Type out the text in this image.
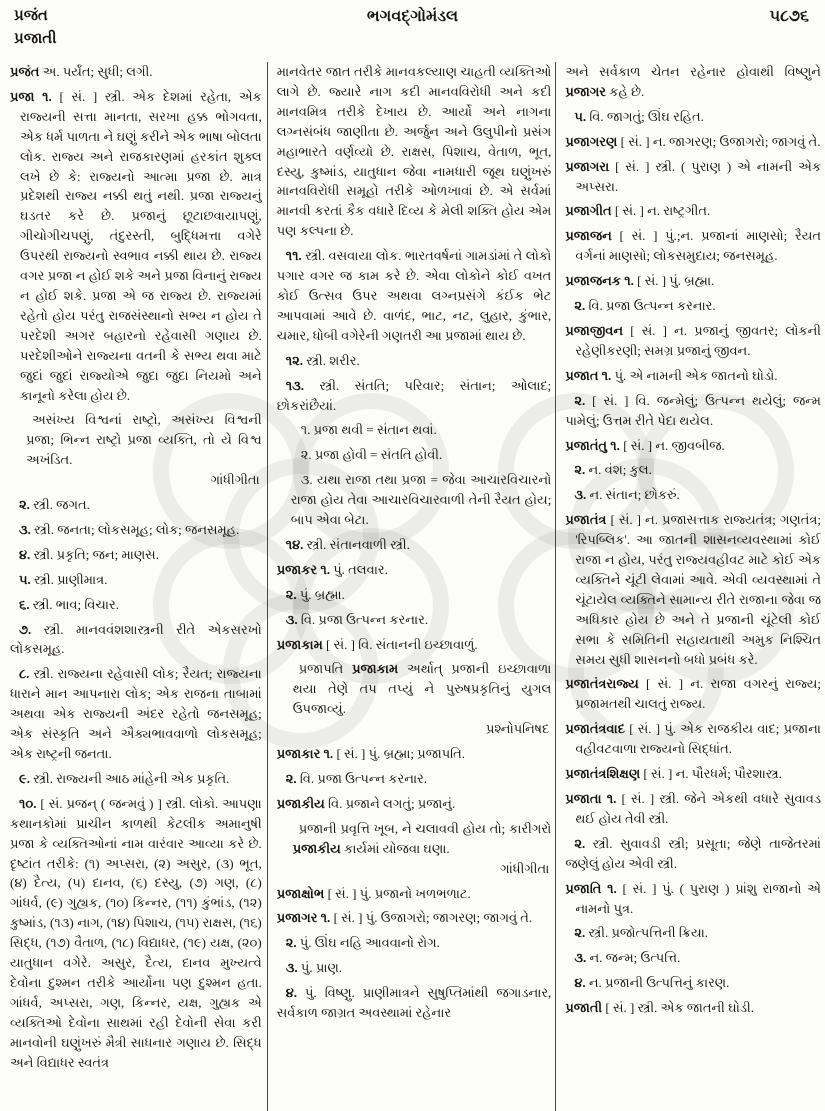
પ્રજંત
પ્રજાતી
ભગવદ્ગોમંડલ	૫૮૭૬

પ્રજંત અ. પર્યંત; સુધી; લગી.

પ્રજા ૧. [ સં. ] સ્ત્રી. એક દેશમાં રહેતા, એક રાજ્યની સત્તા માનતા, સરખા હક્ક ભોગવતા, એક ધર્મ પાળતા ને ઘણું કરીને એક ભાષા બોલતા લોક. રાજ્ય અને રાજકારણમાં હરકાંત શુક્લ લખે છે કે: રાજ્યનો આત્મા પ્રજા છે. માત્ર પ્રદેશથી રાજ્ય નક્કી થતું નથી. પ્રજા રાજ્યનું ઘડતર કરે છે. પ્રજાનું છૂટાછવાયાપણું, ગીચોગીચપણું, તંદુરસ્તી, બુદ્ધિમત્તા વગેરે ઉપરથી રાજ્યનો સ્વભાવ નક્કી થાય છે. રાજ્ય વગર પ્રજા ન હોઈ શકે અને પ્રજા વિનાનું રાજ્ય ન હોઈ શકે. પ્રજા એ જ રાજ્ય છે. રાજ્યમાં રહેતો હોય પરંતુ રાજસંસ્થાનો સભ્ય ન હોય તે પરદેશી અગર બહારનો રહેવાસી ગણાય છે. પરદેશીઓને રાજ્યના વતની કે સભ્ય થવા માટે જુદાં જુદાં રાજ્યોએ જુદા જુદા નિયમો અને કાનૂનો કરેલા હોય છે.

અસંખ્ય વિશ્વનાં રાષ્ટ્રો, અસંખ્ય વિશ્વની પ્રજા; ભિન્ન રાષ્ટ્રો પ્રજા વ્યક્તિ, તો યે વિશ્વ અખંડિત.

ગાંધીગીતા

૨. સ્ત્રી. જગત.

૩. સ્ત્રી. જનતા; લોકસમૂહ; લોક; જનસમૂહ.

૪. સ્ત્રી. પ્રકૃતિ; જન; માણસ.

૫. સ્ત્રી. પ્રાણીમાત્ર.

૬. સ્ત્રી. ભાવ; વિચાર.

૭. સ્ત્રી. માનવવંશશાસ્ત્રની રીતે એકસરખો લોકસમૂહ.

૮. સ્ત્રી. રાજ્યના રહેવાસી લોક; રૈયત; રાજ્યના ધારાને માન આપનારા લોક; એક રાજના તાબામાં અથવા એક રાજ્યની અંદર રહેતો જનસમૂહ; એક સંસ્કૃતિ અને ઐક્યભાવવાળો લોકસમૂહ; એક રાષ્ટ્રની જનતા.

૯. સ્ત્રી. રાજ્યની આઠ માંહેની એક પ્રકૃતિ.

૧૦. [ સં. પ્રજન્ ( જન્મવું ) ] સ્ત્રી. લોકો. આપણા કથાનકોમાં પ્રાચીન કાળથી કેટલીક અમાનુષી પ્રજા કે વ્યક્તિઓનાં નામ વારંવાર આવ્યા કરે છે. દૃષ્ટાંત તરીકે: (૧) અપ્સરા, (૨) અસુર, (૩) ભૂત, (૪) દૈત્ય, (૫) દાનવ, (૬) દસ્યુ, (૭) ગણ, (૮) ગાંધર્વ, (૯) ગુહ્યક, (૧૦) કિન્નર, (૧૧) કુંભાંડ, (૧૨) કુષ્માંડ, (૧૩) નાગ, (૧૪) પિશાચ, (૧૫) રાક્ષસ, (૧૬) સિદ્ધ, (૧૭) વૈતાળ, (૧૮) વિદ્યાધર, (૧૯) યક્ષ, (૨૦) યાતુધાન વગેરે. અસુર, દૈત્ય, દાનવ મુખ્યત્વે દેવોના દુશ્મન તરીકે આર્યોના પણ દુશ્મન હતા. ગાંધર્વ, અપ્સરા, ગણ, કિન્નર, યક્ષ, ગુહ્યક એ વ્યક્તિઓ દેવોના સાથમાં રહી દેવોની સેવા કરી માનવોની ઘણુંખરું મૈત્રી સાધનાર ગણાય છે. સિદ્ધ અને વિદ્યાધર સ્વતંત્ર

માનવેતર જાત તરીકે માનવકલ્યાણ ચાહતી વ્યક્તિઓ લાગે છે. જ્યારે નાગ કદી માનવવિરોધી અને કદી માનવમિત્ર તરીકે દેખાય છે. આર્યો અને નાગના લગ્નસંબંધ જાણીતા છે. અર્જુન અને ઉલુપીનો પ્રસંગ મહાભારતે વર્ણવ્યો છે. રાક્ષસ, પિશાચ, વેતાળ, ભૂત, દસ્યુ, કુષ્માંડ, યાતુધાન જેવા નામધારી જૂથ ઘણુંખરું માનવવિરોધી સમૂહો તરીકે ઓળખાવાં છે. એ સર્વમાં માનવી કરતાં કૈક વધારે દિવ્ય કે મેલી શક્તિ હોય એમ પણ કલ્પના છે.

૧૧. સ્ત્રી. વસવાયા લોક. ભારતવર્ષનાં ગામડાંમાં તે લોકો પગાર વગર જ કામ કરે છે. એવા લોકોને કોઈ વખત કોઈ ઉત્સવ ઉપર અથવા લગ્નપ્રસંગે કંઈક ભેટ આપવામાં આવે છે. વાળંદ, ભાટ, નટ, લુહાર, કુંભાર, ચમાર, ધોબી વગેરેની ગણતરી આ પ્રજામાં થાય છે.

૧૨. સ્ત્રી. શરીર.

૧૩. સ્ત્રી. સંતતિ; પરિવાર; સંતાન; ઓલાદ; છોકરાંછૈયાં.

૧. પ્રજા થવી = સંતાન થવાં.

૨. પ્રજા હોવી = સંતતિ હોવી.

૩. યથા રાજા તથા પ્રજા = જેવા આચારવિચારનો રાજા હોય તેવા આચારવિચારવાળી તેની રૈયત હોય; બાપ એવા બેટા.

૧૪. સ્ત્રી. સંતાનવાળી સ્ત્રી.

પ્રજાકર ૧. પું. તલવાર.

૨. પું. બ્રહ્મા.

૩. વિ. પ્રજા ઉત્પન્ન કરનાર.

પ્રજાકામ [ સં. ] વિ. સંતાનની ઇચ્છાવાળું.

પ્રજાપતિ પ્રજાકામ અર્થાત્ પ્રજાની ઇચ્છાવાળા થયા તેણે તપ તપ્યું ને પુરુષપ્રકૃતિનું યુગલ ઉપજાવ્યું.

પ્રશ્નોપનિષદ

પ્રજાકાર ૧. [ સં. ] પું. બ્રહ્મા; પ્રજાપતિ.

૨. વિ. પ્રજા ઉત્પન્ન કરનાર.

પ્રજાકીય વિ. પ્રજાને લગતું; પ્રજાનું.

પ્રજાની પ્રવૃત્તિ ખૂબ, ને ચલાવવી હોય તો; કારીગરો પ્રજાકીય કાર્યમાં યોજવા ઘણા.

ગાંધીગીતા

પ્રજાક્ષોભ [ સં. ] પું. પ્રજાનો ખળભળાટ.

પ્રજાગર ૧. [ સં. ] પું. ઉજાગરો; જાગરણ; જાગવું તે.

૨. પું. ઊંઘ નહિ આવવાનો રોગ.

૩. પું. પ્રાણ.

૪. પું. વિષ્ણુ. પ્રાણીમાત્રને સુષુપ્તિમાંથી જગાડનાર, સર્વકાળ જાગ્રત અવસ્થામાં રહેનાર

અને સર્વકાળ ચેતન રહેનાર હોવાથી વિષ્ણુને પ્રજાગર કહે છે.

૫. વિ. જાગતું; ઊંઘ રહિત.

પ્રજાગરણ [ સં. ] ન. જાગરણ; ઉજાગરો; જાગવું તે.

પ્રજાગરા [ સં. ] સ્ત્રી. ( પુરાણ ) એ નામની એક અપ્સરા.

પ્રજાગીત [ સં. ] ન. રાષ્ટ્રગીત.

પ્રજાજન [ સં. ] પું.;ન. પ્રજાનાં માણસો; રૈયત વર્ગનાં માણસો; લોકસમુદાય; જનસમૂહ.

પ્રજાજનક ૧. [ સં. ] પું. બ્રહ્મા.

૨. વિ. પ્રજા ઉત્પન્ન કરનાર.

પ્રજાજીવન [ સં. ] ન. પ્રજાનું જીવતર; લોકની રહેણીકરણી; સમગ્ર પ્રજાનું જીવન.

પ્રજાત ૧. પું. એ નામની એક જાતનો ઘોડો.

૨. [ સં. ] વિ. જન્મેલું; ઉત્પન્ન થયેલું; જન્મ પામેલું; ઉત્તમ રીતે પેદા થયેલ.

પ્રજાતંતુ ૧. [ સં. ] ન. જીવબીજ.

૨. ન. વંશ; કુલ.

૩. ન. સંતાન; છોકરું.

પ્રજાતંત્ર [ સં. ] ન. પ્રજાસત્તાક રાજ્યતંત્ર; ગણતંત્ર; 'રિપબ્લિક'. આ જાતની શાસનવ્યવસ્થામાં કોઈ રાજા ન હોય, પરંતુ રાજ્યવહીવટ માટે કોઈ એક વ્યક્તિને ચૂંટી લેવામાં આવે. એવી વ્યવસ્થામાં તે ચૂંટાયેલ વ્યક્તિને સામાન્ય રીતે રાજાના જેવા જ અધિકાર હોય છે અને તે પ્રજાની ચૂંટેલી કોઈ સભા કે સમિતિની સહાયતાથી અમુક નિશ્ચિત સમય સુધી શાસનનો બધો પ્રબંધ કરે.

પ્રજાતંત્રરાજ્ય [ સં. ] ન. રાજા વગરનું રાજ્ય; પ્રજામતથી ચાલતું રાજ્ય.

પ્રજાતંત્રવાદ [ સં. ] પું. એક રાજકીય વાદ; પ્રજાના વહીવટવાળા રાજ્યનો સિદ્ધાંત.

પ્રજાતંત્રશિક્ષણ [ સં. ] ન. પૌરધર્મ; પૌરશાસ્ત્ર.

પ્રજાતા ૧. [ સં. ] સ્ત્રી. જેને એકથી વધારે સુવાવડ થઈ હોય તેવી સ્ત્રી.

૨. સ્ત્રી. સુવાવડી સ્ત્રી; પ્રસૂતા; જેણે તાજેતરમાં જણેલું હોય એવી સ્ત્રી.

પ્રજાતિ ૧. [ સં. ] પું. ( પુરાણ ) પ્રાંશુ રાજાનો એ નામનો પુત્ર.

૨. સ્ત્રી. પ્રજોત્પત્તિની ક્રિયા.

૩. ન. જન્મ; ઉત્પત્તિ.

૪. ન. પ્રજાની ઉત્પત્તિનું કારણ.

પ્રજાતી [ સં. ] સ્ત્રી. એક જાતની ઘોડી.
